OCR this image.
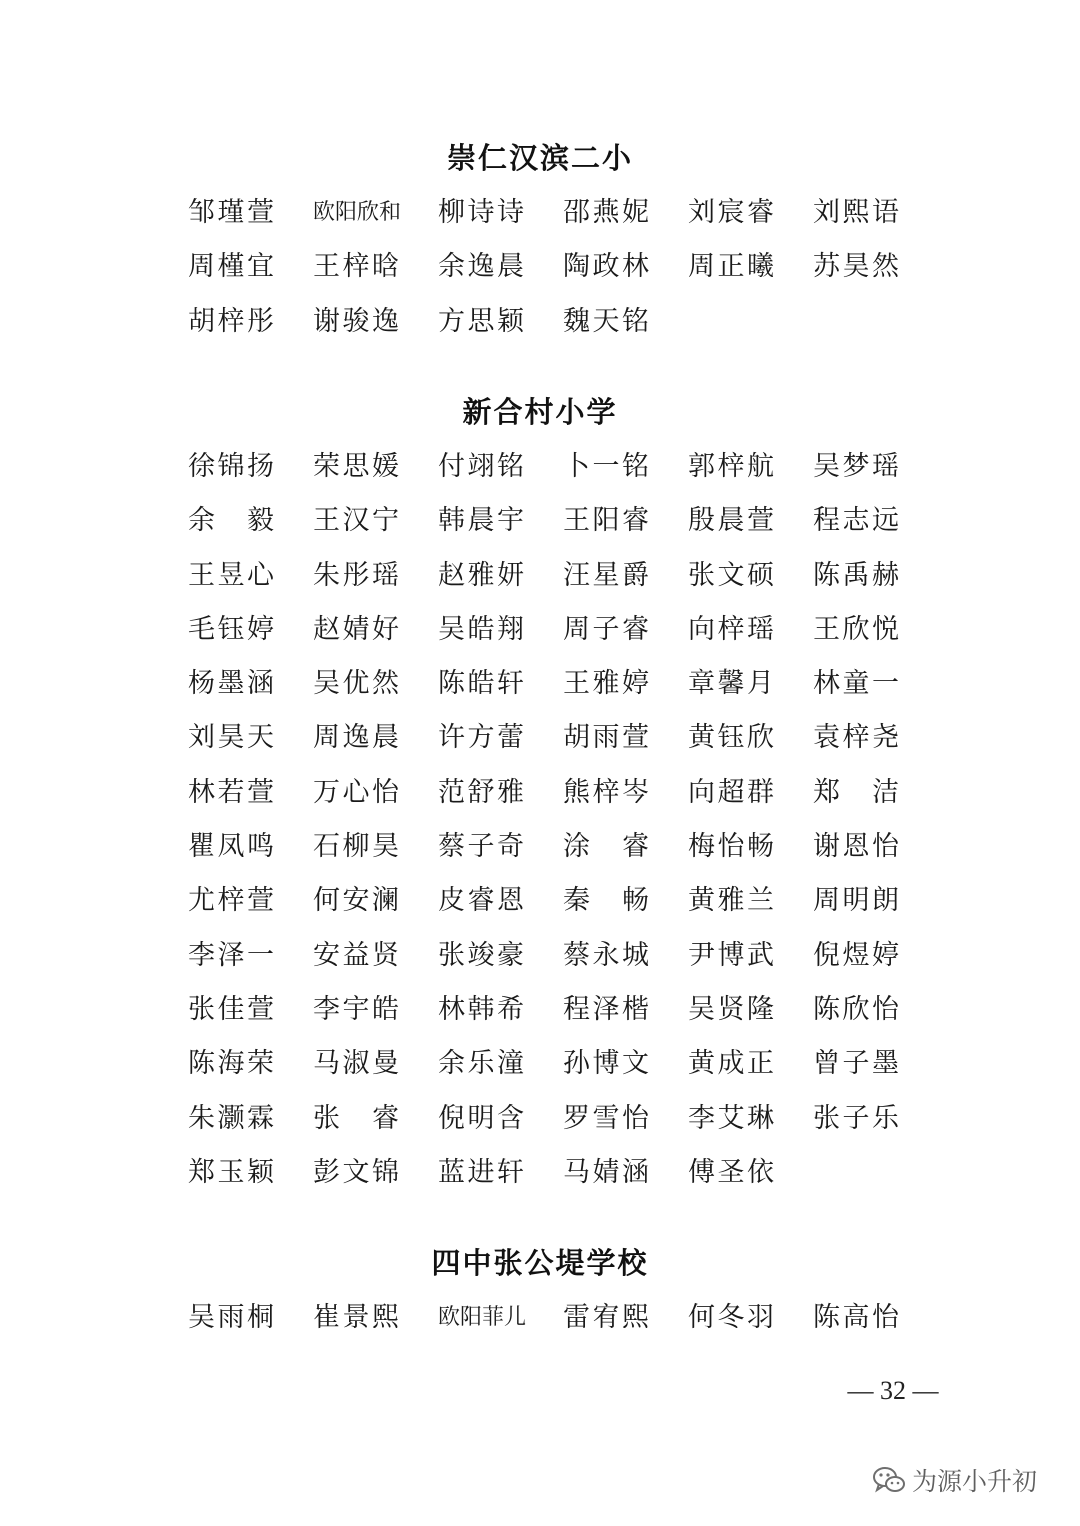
崇仁汉滨二小
邹瑾萱 欧阳欣和 柳诗诗 邵燕妮 刘宸睿 刘熙语
周槿宜 王梓晗 余逸晨 陶政林 周正曦 苏昊然
胡梓彤 谢骏逸 方思颖 魏天铭
新合村小学
徐锦扬 荣思媛 付翊铭 卜一铭 郭梓航 吴梦瑶
余 毅 王汉宁 韩晨宇 王阳睿 殷晨萱 程志远
王昱心 朱彤瑶 赵雅妍 汪星爵 张文硕 陈禹赫
毛钰婷 赵婧好 吴皓翔 周子睿 向梓瑶 王欣悦
杨墨涵 吴优然 陈皓轩 王雅婷 章馨月 林童一
刘昊天 周逸晨 许方蕾 胡雨萱 黄钰欣 袁梓尧
林若萱 万心怡 范舒雅 熊梓岑 向超群 郑 洁
瞿凤鸣 石柳昊 蔡子奇 涂 睿 梅怡畅 谢恩怡
尤梓萱 何安澜 皮睿恩 秦 畅 黄雅兰 周明朗
李泽一 安益贤 张竣豪 蔡永城 尹博武 倪煜婷
张佳萱 李宇皓 林韩希 程泽楷 吴贤隆 陈欣怡
陈海荣 马淑曼 余乐潼 孙博文 黄成正 曾子墨
朱灏霖 张 睿 倪明含 罗雪怡 李艾琳 张子乐
郑玉颖 彭文锦 蓝进轩 马婧涵 傅圣依
四中张公堤学校
吴雨桐 崔景熙 欧阳菲儿 雷宥熙 何冬羽 陈高怡
— 32 —
为源小升初
